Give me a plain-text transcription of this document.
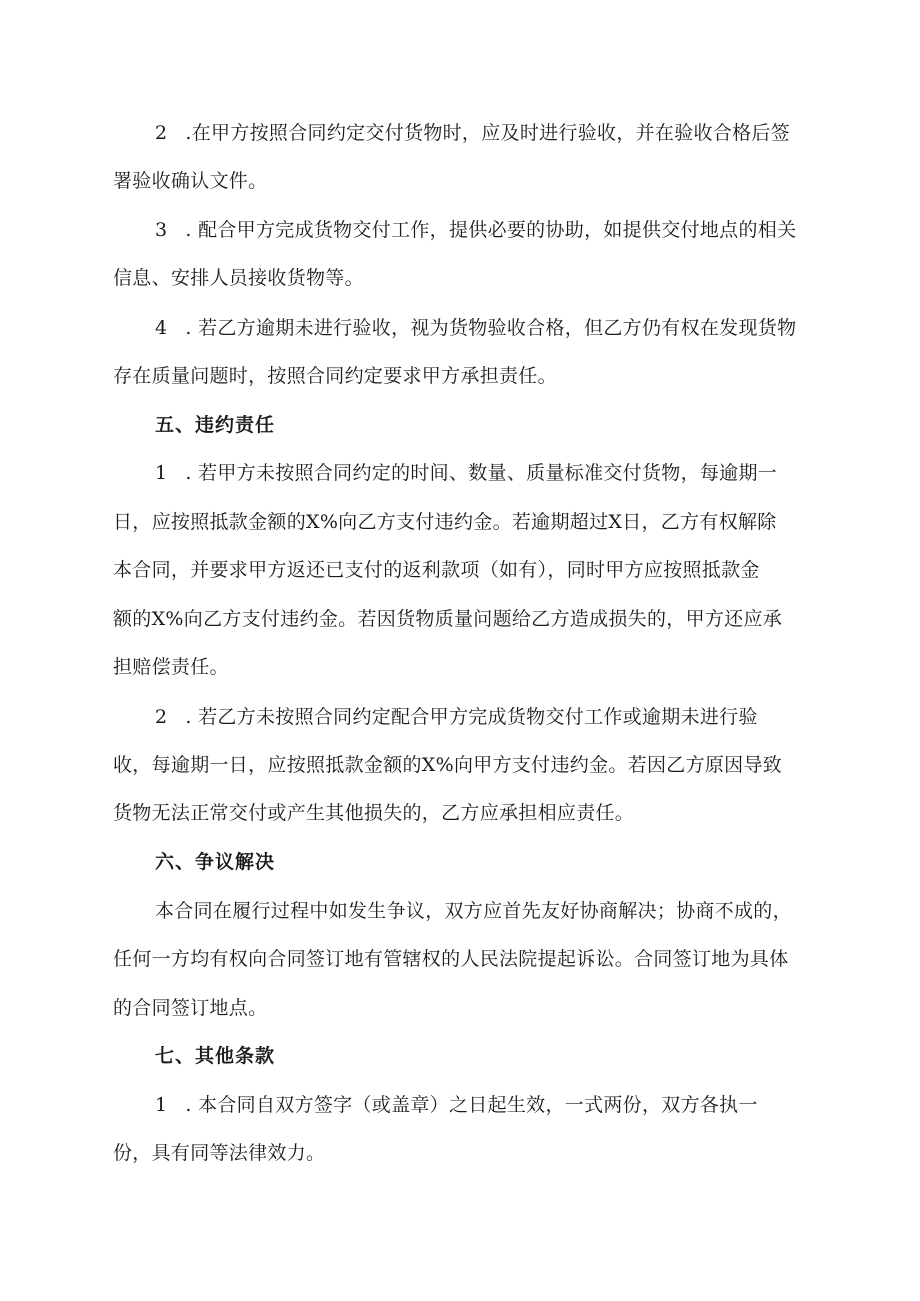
2 .在甲方按照合同约定交付货物时，应及时进行验收，并在验收合格后签
署验收确认文件。
3 . 配合甲方完成货物交付工作，提供必要的协助，如提供交付地点的相关
信息、安排人员接收货物等。
4 . 若乙方逾期未进行验收，视为货物验收合格，但乙方仍有权在发现货物
存在质量问题时，按照合同约定要求甲方承担责任。
五、违约责任
1 . 若甲方未按照合同约定的时间、数量、质量标准交付货物，每逾期一
日，应按照抵款金额的X%向乙方支付违约金。若逾期超过X日，乙方有权解除
本合同，并要求甲方返还已支付的返利款项（如有），同时甲方应按照抵款金
额的X%向乙方支付违约金。若因货物质量问题给乙方造成损失的，甲方还应承
担赔偿责任。
2 . 若乙方未按照合同约定配合甲方完成货物交付工作或逾期未进行验
收，每逾期一日，应按照抵款金额的X%向甲方支付违约金。若因乙方原因导致
货物无法正常交付或产生其他损失的，乙方应承担相应责任。
六、争议解决
本合同在履行过程中如发生争议，双方应首先友好协商解决；协商不成的，
任何一方均有权向合同签订地有管辖权的人民法院提起诉讼。合同签订地为具体
的合同签订地点。
七、其他条款
1 . 本合同自双方签字（或盖章）之日起生效，一式两份，双方各执一
份，具有同等法律效力。
